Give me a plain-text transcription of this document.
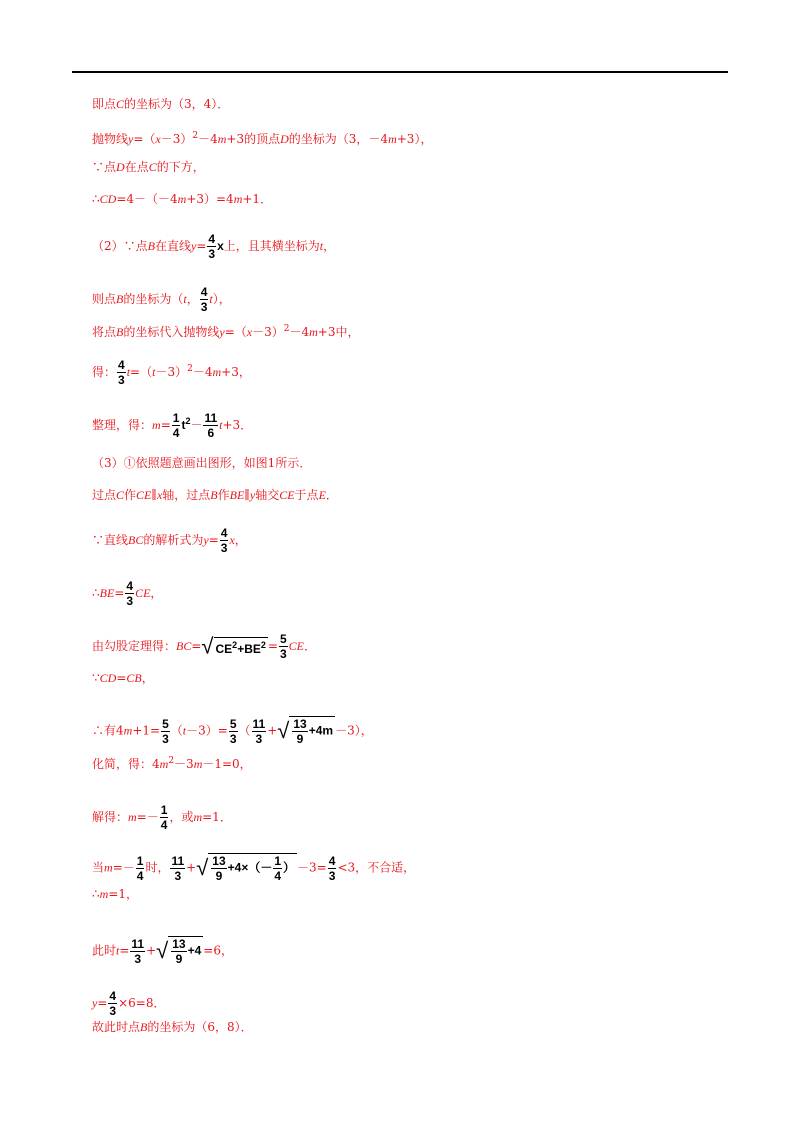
即点C的坐标为（3，4）．
抛物线$y=(x-3)^2-4m+3$的顶点D的坐标为（3，－4m+3），
∵点D在点C的下方，
∴CD=4－（－4m+3）=4m+1．
（2）∵点B在直线$y= \frac{4}{3}$ x上，且其横坐标为t，
则点B的坐标为（t， $\frac{4}{3} t$），
将点B的坐标代入抛物线$y=(x-3)^2-4m+3$中，
得： $\frac{4}{3} t=(t-3)^2-4m+3$，
整理，得：$m= \frac{1}{4} t^2- \frac{11}{6} t+3$．
（3）①依照题意画出图形，如图1所示．
过点C作CE∥x轴，过点B作BE∥y轴交CE于点E．
∵直线BC的解析式为$y= \frac{4}{3}$ x，
∴BE= $\frac{4}{3}$ CE，
由勾股定理得：BC=√ $CE^2+BE^2 = \frac{5}{3}$ CE．
∵CD=CB，
∴有$4m+1= \frac{5}{3} (t-3)= \frac{5}{3}$ （ $\frac{11}{3}$ +√ $\frac{13}{9} +4m -3$），
化简，得：$4m^2-3m-1=0$，
解得：$m=- \frac{1}{4}$ ，或m=1．
当$m=- \frac{1}{4}$ 时， $\frac{11}{3}$ +√ $\frac{13}{9} +4\times(- \frac{1}{4}$ ） $-3= \frac{4}{3} <3$，不合适，
∴m=1，
此时$t= \frac{11}{3}$ +√ $\frac{13}{9} +4 =6$，
$y= \frac{4}{3} \times 6=8$．
故此时点B的坐标为（6，8）．
